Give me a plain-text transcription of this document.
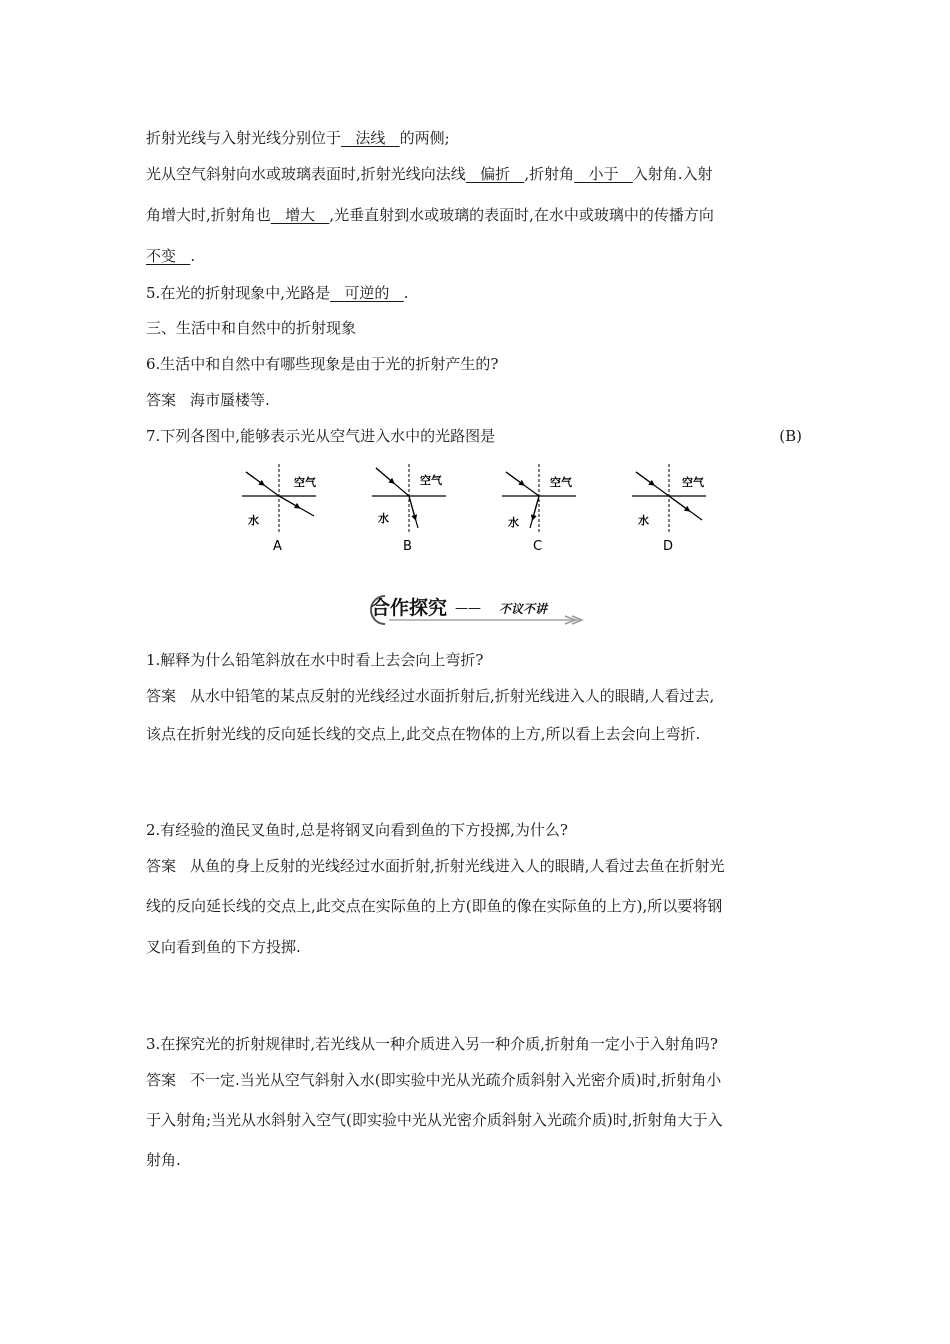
折射光线与入射光线分别位于   法线   的两侧;
光从空气斜射向水或玻璃表面时,折射光线向法线   偏折   ,折射角   小于   入射角.入射
角增大时,折射角也   增大   ,光垂直射到水或玻璃的表面时,在水中或玻璃中的传播方向
不变   .
5.在光的折射现象中,光路是   可逆的   .
三、生活中和自然中的折射现象
6.生活中和自然中有哪些现象是由于光的折射产生的?
答案 海市蜃楼等.
7.下列各图中,能够表示光从空气进入水中的光路图是	(B)
空气
水
A
空气
水
B
空气
水
C
空气
水
D
合作探究 —— 不议不讲
1.解释为什么铅笔斜放在水中时看上去会向上弯折?
答案 从水中铅笔的某点反射的光线经过水面折射后,折射光线进入人的眼睛,人看过去,
该点在折射光线的反向延长线的交点上,此交点在物体的上方,所以看上去会向上弯折.
2.有经验的渔民叉鱼时,总是将钢叉向看到鱼的下方投掷,为什么?
答案 从鱼的身上反射的光线经过水面折射,折射光线进入人的眼睛,人看过去鱼在折射光
线的反向延长线的交点上,此交点在实际鱼的上方(即鱼的像在实际鱼的上方),所以要将钢
叉向看到鱼的下方投掷.
3.在探究光的折射规律时,若光线从一种介质进入另一种介质,折射角一定小于入射角吗?
答案 不一定.当光从空气斜射入水(即实验中光从光疏介质斜射入光密介质)时,折射角小
于入射角;当光从水斜射入空气(即实验中光从光密介质斜射入光疏介质)时,折射角大于入
射角.
